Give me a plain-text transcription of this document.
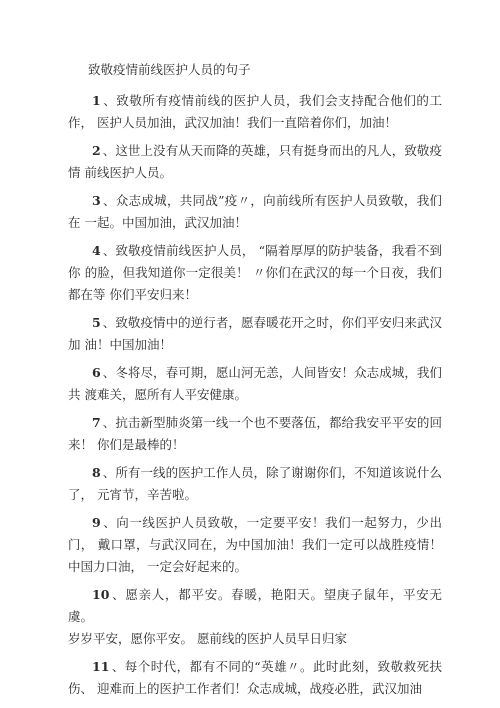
致敬疫情前线医护人员的句子

1 、致敬所有疫情前线的医护人员，我们会支持配合他们的工作， 医护人员加油，武汉加油！我们一直陪着你们，加油！

2 、这世上没有从天而降的英雄，只有挺身而出的凡人，致敬疫情 前线医护人员。

3 、众志成城，共同战”疫〃，向前线所有医护人员致敬，我们在 一起。中国加油，武汉加油！

4 、致敬疫情前线医护人员， “隔着厚厚的防护装备，我看不到你 的脸，但我知道你一定很美！ 〃你们在武汉的每一个日夜，我们都在等 你们平安归来！

5 、致敬疫情中的逆行者，愿春暖花开之时，你们平安归来武汉加 油！中国加油！

6 、冬将尽，春可期，愿山河无恙，人间皆安！众志成城，我们共 渡难关，愿所有人平安健康。

7 、抗击新型肺炎第一线一个也不要落伍，都给我安平平安的回来！ 你们是最棒的！

8 、所有一线的医护工作人员，除了谢谢你们，不知道该说什么了， 元宵节，辛苦啦。

9 、向一线医护人员致敬，一定要平安！我们一起努力，少出门， 戴口罩，与武汉同在，为中国加油！我们一定可以战胜疫情！中国力口油， 一定会好起来的。

10 、愿亲人，都平安。春暖，艳阳天。望庚子鼠年，平安无虞。

岁岁平安，愿你平安。 愿前线的医护人员早日归家

11 、每个时代，都有不同的“英雄〃。此时此刻，致敬救死扶伤、 迎难而上的医护工作者们！众志成城，战疫必胜，武汉加油
